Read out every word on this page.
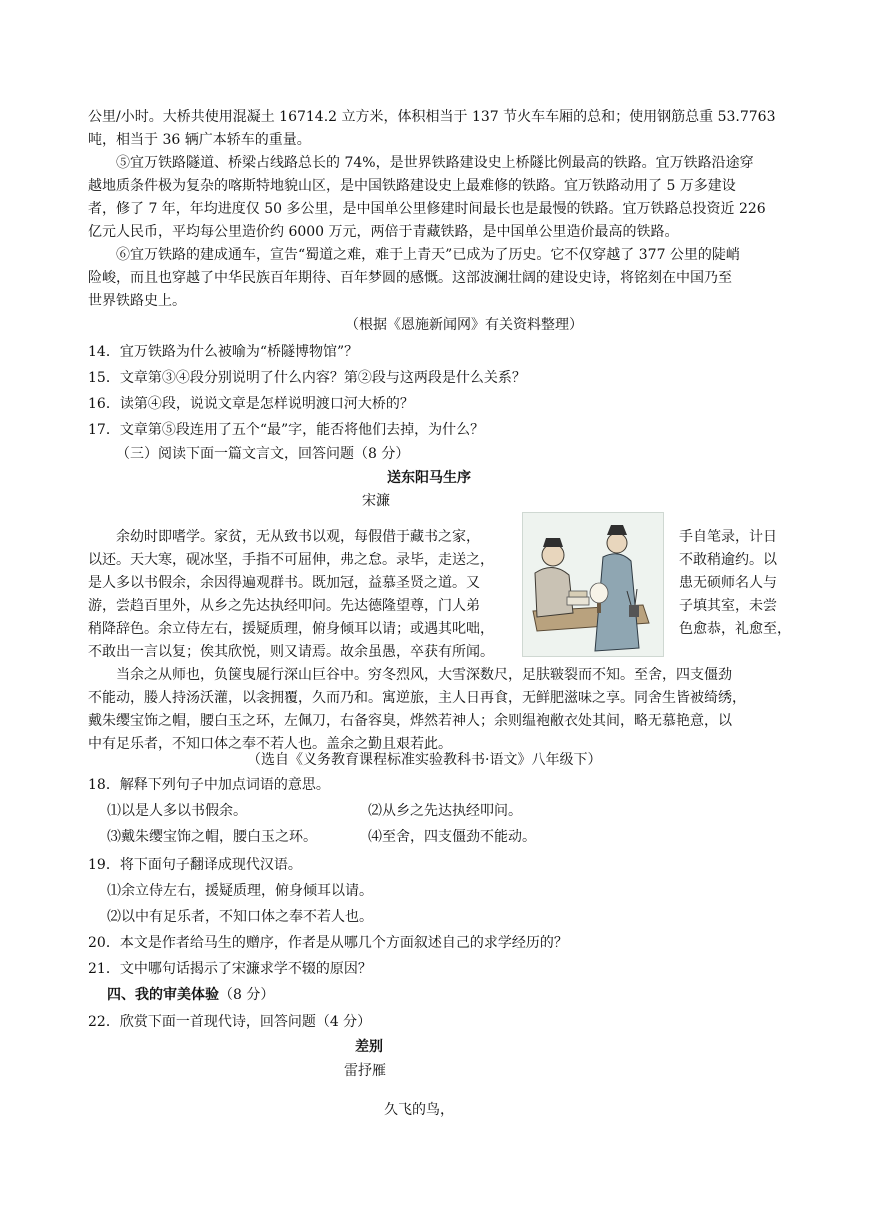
公里/小时。大桥共使用混凝土 16714.2 立方米，体积相当于 137 节火车车厢的总和；使用钢筋总重 53.7763
吨，相当于 36 辆广本轿车的重量。
⑤宜万铁路隧道、桥梁占线路总长的 74%，是世界铁路建设史上桥隧比例最高的铁路。宜万铁路沿途穿
越地质条件极为复杂的喀斯特地貌山区，是中国铁路建设史上最难修的铁路。宜万铁路动用了 5 万多建设
者，修了 7 年，年均进度仅 50 多公里，是中国单公里修建时间最长也是最慢的铁路。宜万铁路总投资近 226
亿元人民币，平均每公里造价约 6000 万元，两倍于青藏铁路，是中国单公里造价最高的铁路。
⑥宜万铁路的建成通车，宣告“蜀道之难，难于上青天”已成为了历史。它不仅穿越了 377 公里的陡峭
险峻，而且也穿越了中华民族百年期待、百年梦圆的感慨。这部波澜壮阔的建设史诗，将铭刻在中国乃至
世界铁路史上。
（根据《恩施新闻网》有关资料整理）
14．宜万铁路为什么被喻为“桥隧博物馆”？
15．文章第③④段分别说明了什么内容？第②段与这两段是什么关系？
16．读第④段，说说文章是怎样说明渡口河大桥的？
17．文章第⑤段连用了五个“最”字，能否将他们去掉，为什么？
（三）阅读下面一篇文言文，回答问题（8 分）
送东阳马生序
宋濂
余幼时即嗜学。家贫，无从致书以观，每假借于藏书之家，
以还。天大寒，砚冰坚，手指不可屈伸，弗之怠。录毕，走送之，
是人多以书假余，余因得遍观群书。既加冠，益慕圣贤之道。又
游，尝趋百里外，从乡之先达执经叩问。先达德隆望尊，门人弟
稍降辞色。余立侍左右，援疑质理，俯身倾耳以请；或遇其叱咄，
不敢出一言以复；俟其欣悦，则又请焉。故余虽愚，卒获有所闻。
手自笔录，计日
不敢稍逾约。以
患无硕师名人与
子填其室，未尝
色愈恭，礼愈至，
当余之从师也，负箧曳屣行深山巨谷中。穷冬烈风，大雪深数尺，足肤皲裂而不知。至舍，四支僵劲
不能动，媵人持汤沃灌，以衾拥覆，久而乃和。寓逆旅，主人日再食，无鲜肥滋味之享。同舍生皆被绮绣，
戴朱缨宝饰之帽，腰白玉之环，左佩刀，右备容臭，烨然若神人；余则缊袍敝衣处其间，略无慕艳意，以
中有足乐者，不知口体之奉不若人也。盖余之勤且艰若此。
（选自《义务教育课程标准实验教科书·语文》八年级下）
18．解释下列句子中加点词语的意思。
⑴以是人多以书假余。	⑵从乡之先达执经叩问。
⑶戴朱缨宝饰之帽，腰白玉之环。	⑷至舍，四支僵劲不能动。
19．将下面句子翻译成现代汉语。
⑴余立侍左右，援疑质理，俯身倾耳以请。
⑵以中有足乐者，不知口体之奉不若人也。
20．本文是作者给马生的赠序，作者是从哪几个方面叙述自己的求学经历的？
21．文中哪句话揭示了宋濂求学不辍的原因？
四、我的审美体验（8 分）
22．欣赏下面一首现代诗，回答问题（4 分）
差别
雷抒雁
久飞的鸟，
